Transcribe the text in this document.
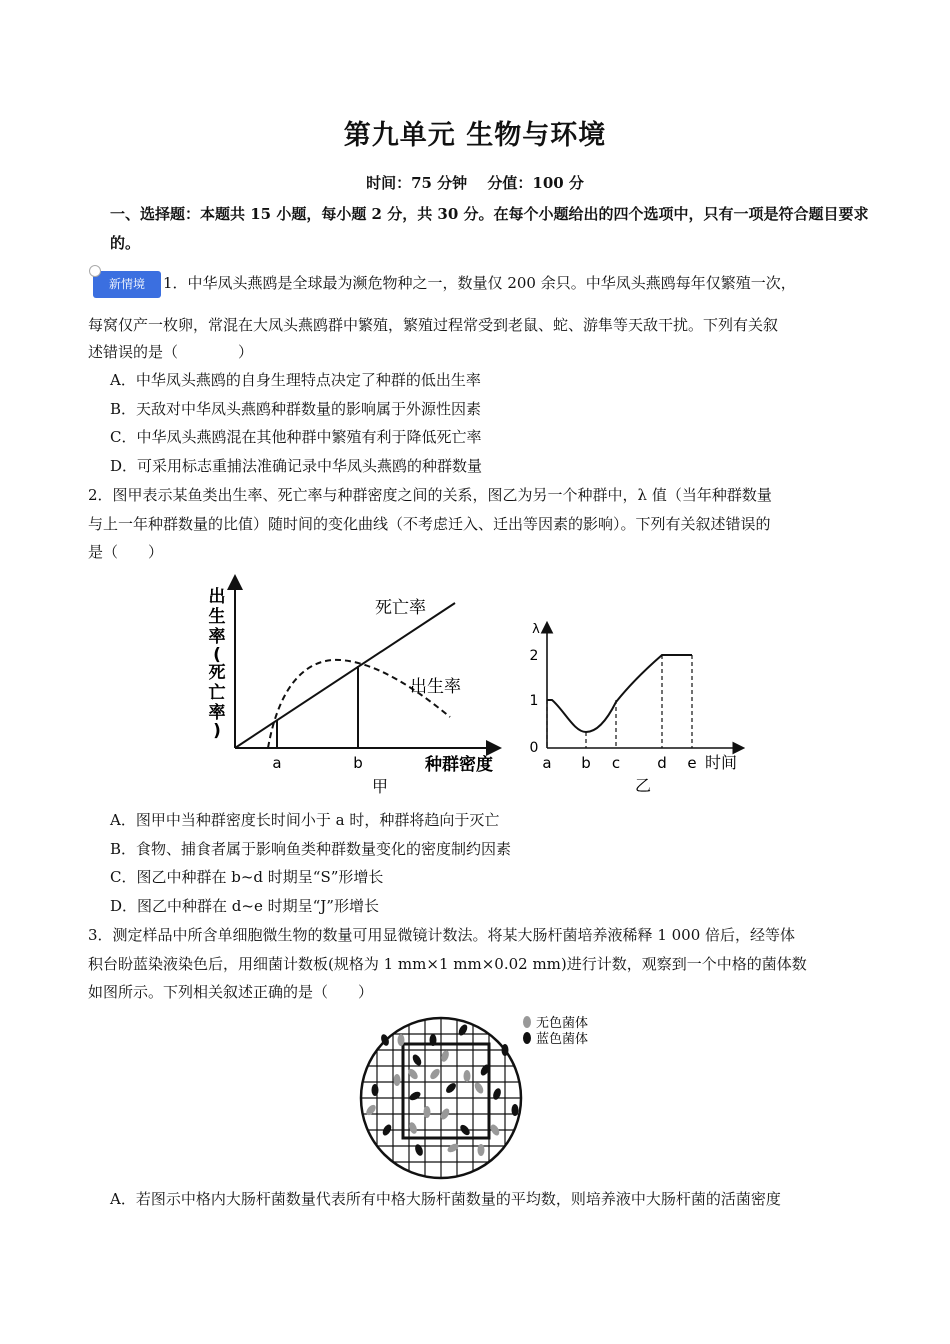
第九单元 生物与环境
时间：75 分钟　 分值：100 分
一、选择题：本题共 15 小题，每小题 2 分，共 30 分。在每个小题给出的四个选项中，只有一项是符合题目要求的。
新情境	1．中华凤头燕鸥是全球最为濒危物种之一，数量仅 200 余只。中华凤头燕鸥每年仅繁殖一次，
每窝仅产一枚卵，常混在大凤头燕鸥群中繁殖，繁殖过程常受到老鼠、蛇、游隼等天敌干扰。下列有关叙
述错误的是（　　　　）
A．中华凤头燕鸥的自身生理特点决定了种群的低出生率
B．天敌对中华凤头燕鸥种群数量的影响属于外源性因素
C．中华凤头燕鸥混在其他种群中繁殖有利于降低死亡率
D．可采用标志重捕法准确记录中华凤头燕鸥的种群数量
2．图甲表示某鱼类出生率、死亡率与种群密度之间的关系，图乙为另一个种群中，λ 值（当年种群数量
与上一年种群数量的比值）随时间的变化曲线（不考虑迁入、迁出等因素的影响）。下列有关叙述错误的
是（　　）
a	b
死亡率
出生率
种群密度
甲
出
生
率
(
死
亡
率
)
λ
2
1
0
a b c d e 时间
乙
A．图甲中当种群密度长时间小于 a 时，种群将趋向于灭亡
B．食物、捕食者属于影响鱼类种群数量变化的密度制约因素
C．图乙中种群在 b~d 时期呈“S”形增长
D．图乙中种群在 d~e 时期呈“J”形增长
3．测定样品中所含单细胞微生物的数量可用显微镜计数法。将某大肠杆菌培养液稀释 1 000 倍后，经等体
积台盼蓝染液染色后，用细菌计数板(规格为 1 mm×1 mm×0.02 mm)进行计数，观察到一个中格的菌体数
如图所示。下列相关叙述正确的是（　　）
无色菌体
蓝色菌体
A．若图示中格内大肠杆菌数量代表所有中格大肠杆菌数量的平均数，则培养液中大肠杆菌的活菌密度
